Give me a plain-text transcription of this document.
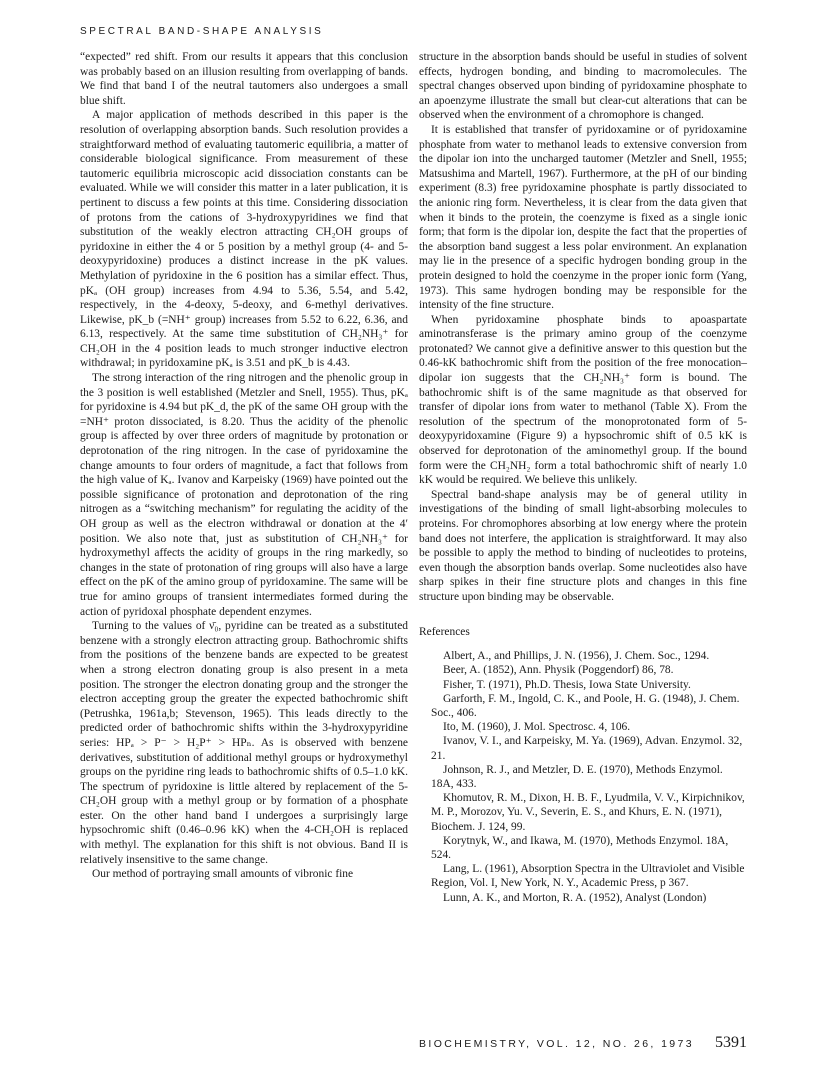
SPECTRAL BAND-SHAPE ANALYSIS

“expected” red shift. From our results it appears that this conclusion was probably based on an illusion resulting from overlapping of bands. We find that band I of the neutral tautomers also undergoes a small blue shift.

A major application of methods described in this paper is the resolution of overlapping absorption bands. Such resolution provides a straightforward method of evaluating tautomeric equilibria, a matter of considerable biological significance. From measurement of these tautomeric equilibria microscopic acid dissociation constants can be evaluated. While we will consider this matter in a later publication, it is pertinent to discuss a few points at this time. Considering dissociation of protons from the cations of 3-hydroxypyridines we find that substitution of the weakly electron attracting CH₂OH groups of pyridoxine in either the 4 or 5 position by a methyl group (4- and 5-deoxypyridoxine) produces a distinct increase in the pK values. Methylation of pyridoxine in the 6 position has a similar effect. Thus, pKₐ (OH group) increases from 4.94 to 5.36, 5.54, and 5.42, respectively, in the 4-deoxy, 5-deoxy, and 6-methyl derivatives. Likewise, pK_b (=NH⁺ group) increases from 5.52 to 6.22, 6.36, and 6.13, respectively. At the same time substitution of CH₂NH₃⁺ for CH₂OH in the 4 position leads to much stronger inductive electron withdrawal; in pyridoxamine pKₐ is 3.51 and pK_b is 4.43.

The strong interaction of the ring nitrogen and the phenolic group in the 3 position is well established (Metzler and Snell, 1955). Thus, pKₐ for pyridoxine is 4.94 but pK_d, the pK of the same OH group with the =NH⁺ proton dissociated, is 8.20. Thus the acidity of the phenolic group is affected by over three orders of magnitude by protonation or deprotonation of the ring nitrogen. In the case of pyridoxamine the change amounts to four orders of magnitude, a fact that follows from the high value of Kₐ. Ivanov and Karpeisky (1969) have pointed out the possible significance of protonation and deprotonation of the ring nitrogen as a “switching mechanism” for regulating the acidity of the OH group as well as the electron withdrawal or donation at the 4′ position. We also note that, just as substitution of CH₂NH₃⁺ for hydroxymethyl affects the acidity of groups in the ring markedly, so changes in the state of protonation of ring groups will also have a large effect on the pK of the amino group of pyridoxamine. The same will be true for amino groups of transient intermediates formed during the action of pyridoxal phosphate dependent enzymes.

Turning to the values of ν̄₀, pyridine can be treated as a substituted benzene with a strongly electron attracting group. Bathochromic shifts from the positions of the benzene bands are expected to be greatest when a strong electron donating group is also present in a meta position. The stronger the electron donating group and the stronger the electron accepting group the greater the expected bathochromic shift (Petrushka, 1961a,b; Stevenson, 1965). This leads directly to the predicted order of bathochromic shifts within the 3-hydroxypyridine series: HPₐ > P⁻ > H₂P⁺ > HPₙ. As is observed with benzene derivatives, substitution of additional methyl groups or hydroxymethyl groups on the pyridine ring leads to bathochromic shifts of 0.5–1.0 kK. The spectrum of pyridoxine is little altered by replacement of the 5-CH₂OH group with a methyl group or by formation of a phosphate ester. On the other hand band I undergoes a surprisingly large hypsochromic shift (0.46–0.96 kK) when the 4-CH₂OH is replaced with methyl. The explanation for this shift is not obvious. Band II is relatively insensitive to the same change.

Our method of portraying small amounts of vibronic fine

structure in the absorption bands should be useful in studies of solvent effects, hydrogen bonding, and binding to macromolecules. The spectral changes observed upon binding of pyridoxamine phosphate to an apoenzyme illustrate the small but clear-cut alterations that can be observed when the environment of a chromophore is changed.

It is established that transfer of pyridoxamine or of pyridoxamine phosphate from water to methanol leads to extensive conversion from the dipolar ion into the uncharged tautomer (Metzler and Snell, 1955; Matsushima and Martell, 1967). Furthermore, at the pH of our binding experiment (8.3) free pyridoxamine phosphate is partly dissociated to the anionic ring form. Nevertheless, it is clear from the data given that when it binds to the protein, the coenzyme is fixed as a single ionic form; that form is the dipolar ion, despite the fact that the properties of the absorption band suggest a less polar environment. An explanation may lie in the presence of a specific hydrogen bonding group in the protein designed to hold the coenzyme in the proper ionic form (Yang, 1973). This same hydrogen bonding may be responsible for the intensity of the fine structure.

When pyridoxamine phosphate binds to apoaspartate aminotransferase is the primary amino group of the coenzyme protonated? We cannot give a definitive answer to this question but the 0.46-kK bathochromic shift from the position of the free monocation–dipolar ion suggests that the CH₂NH₃⁺ form is bound. The bathochromic shift is of the same magnitude as that observed for transfer of dipolar ions from water to methanol (Table X). From the resolution of the spectrum of the monoprotonated form of 5-deoxypyridoxamine (Figure 9) a hypsochromic shift of 0.5 kK is observed for deprotonation of the aminomethyl group. If the bound form were the CH₂NH₂ form a total bathochromic shift of nearly 1.0 kK would be required. We believe this unlikely.

Spectral band-shape analysis may be of general utility in investigations of the binding of small light-absorbing molecules to proteins. For chromophores absorbing at low energy where the protein band does not interfere, the application is straightforward. It may also be possible to apply the method to binding of nucleotides to proteins, even though the absorption bands overlap. Some nucleotides also have sharp spikes in their fine structure plots and changes in this fine structure upon binding may be observable.

References

Albert, A., and Phillips, J. N. (1956), J. Chem. Soc., 1294.

Beer, A. (1852), Ann. Physik (Poggendorf) 86, 78.

Fisher, T. (1971), Ph.D. Thesis, Iowa State University.

Garforth, F. M., Ingold, C. K., and Poole, H. G. (1948), J. Chem. Soc., 406.

Ito, M. (1960), J. Mol. Spectrosc. 4, 106.

Ivanov, V. I., and Karpeisky, M. Ya. (1969), Advan. Enzymol. 32, 21.

Johnson, R. J., and Metzler, D. E. (1970), Methods Enzymol. 18A, 433.

Khomutov, R. M., Dixon, H. B. F., Lyudmila, V. V., Kirpichnikov, M. P., Morozov, Yu. V., Severin, E. S., and Khurs, E. N. (1971), Biochem. J. 124, 99.

Korytnyk, W., and Ikawa, M. (1970), Methods Enzymol. 18A, 524.

Lang, L. (1961), Absorption Spectra in the Ultraviolet and Visible Region, Vol. I, New York, N. Y., Academic Press, p 367.

Lunn, A. K., and Morton, R. A. (1952), Analyst (London)

BIOCHEMISTRY, VOL. 12, NO. 26, 1973 5391
